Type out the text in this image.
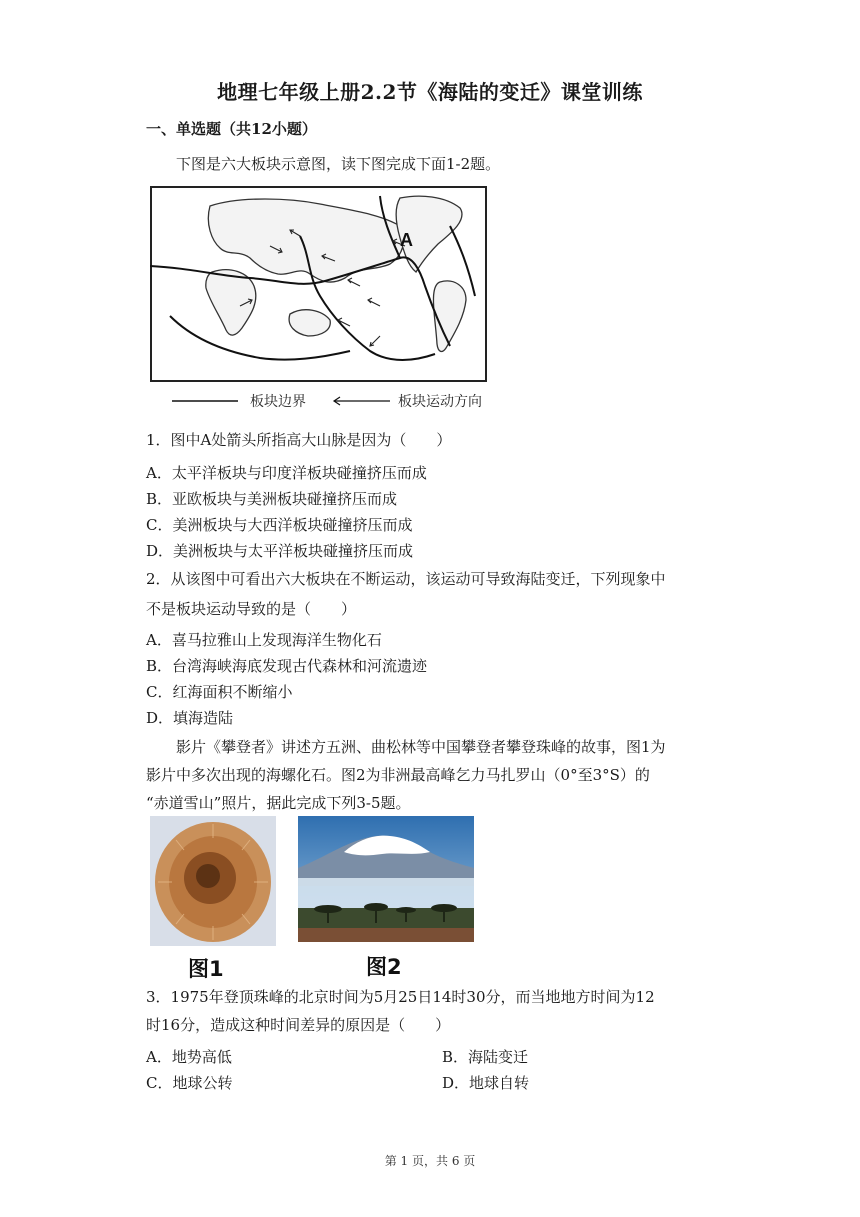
地理七年级上册2.2节《海陆的变迁》课堂训练
一、单选题（共12小题）
下图是六大板块示意图，读下图完成下面1-2题。
A
板块边界	板块运动方向
1．图中A处箭头所指高大山脉是因为（　　）
A．太平洋板块与印度洋板块碰撞挤压而成
B．亚欧板块与美洲板块碰撞挤压而成
C．美洲板块与大西洋板块碰撞挤压而成
D．美洲板块与太平洋板块碰撞挤压而成
2．从该图中可看出六大板块在不断运动，该运动可导致海陆变迁，下列现象中
不是板块运动导致的是（　　）
A．喜马拉雅山上发现海洋生物化石
B．台湾海峡海底发现古代森林和河流遗迹
C．红海面积不断缩小
D．填海造陆
影片《攀登者》讲述方五洲、曲松林等中国攀登者攀登珠峰的故事，图1为
影片中多次出现的海螺化石。图2为非洲最高峰乞力马扎罗山（0°至3°S）的
“赤道雪山”照片，据此完成下列3-5题。
图1	图2
3．1975年登顶珠峰的北京时间为5月25日14时30分，而当地地方时间为12
时16分，造成这种时间差异的原因是（　　）
A．地势高低	B．海陆变迁
C．地球公转	D．地球自转
第 1 页，共 6 页
